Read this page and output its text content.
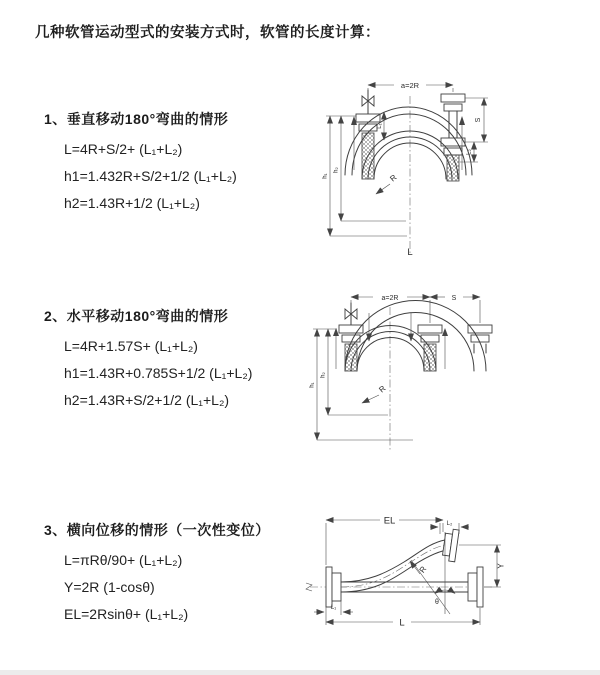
几种软管运动型式的安装方式时，软管的长度计算：
1、垂直移动180°弯曲的情形
L=4R+S/2+ (L₁+L₂)
h1=1.432R+S/2+1/2 (L₁+L₂)
h2=1.43R+1/2 (L₁+L₂)
a=2R
L₁
S
L₂
h₁
h₂
R
L
2、水平移动180°弯曲的情形
L=4R+1.57S+ (L₁+L₂)
h1=1.43R+0.785S+1/2 (L₁+L₂)
h2=1.43R+S/2+1/2 (L₁+L₂)
a=2R	S
h₁
h₂
R
3、横向位移的情形（一次性变位）
L=πRθ/90+ (L₁+L₂)
Y=2R (1-cosθ)
EL=2Rsinθ+ (L₁+L₂)
EL	L₂
Y
θ
R
L₁
L
